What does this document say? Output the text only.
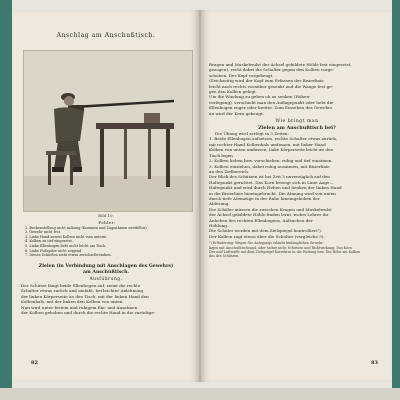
Anschlag am Anschußtisch.
Bild 10.
Fehler:
1. Beckenstellung nicht zulässig (Kommen und Zugnahmen zweifellos)
2. Gewehr nicht fest.
3. Linke Hand zuweit Kolben nicht vom unterm
4. Kolben zu tief eingesetzt.
5. Linke Ellenbogen liebt nicht leicht am Tisch.
6. Linke Fußspitze nicht zeigend.
7. Dieses Schießen zieht etwas zerschießwendum.
Zielen (in Verbindung mit Anschlagen des Gewehrs)
am Anschußtisch.
Ausführung.
Der Schütze fängt beide Ellenbogen auf, ziemt die rechte
Schulter etwas zurück und umfaßt, bei leichter Anlehnung
der linken Körperseite an den Tisch, mit der linken Hand den
Kolbenhals, mit der linken den Kolben von unten.
Nun wird unter festem und ruhigem Ein- und Ausatmen
der Kolben gehoben und durch die rechte Hand in die zurückge-
82
Rragen und Muskelwulst der Achsel gebildete Höhle fest eingesetzt,
gezogen), recht dabei die Schulter gegen den Kolben vorge-
schoben. Der Kopf vorgebeugt.
Gleichzeitig wird der Kopf zum Erfassen der Bisierlinie
leicht nach rechts vornüber gesenkt und die Wange fest ge-
gen den Kolben gelegt.
Um die Windung zu geben ob zu senken (Höhen-
verlegung), verschiebt man den Auflagepunkt oder hebt die
Ellenbogen enger oder breiter. Zum Einsehen des Gewehrs
an wird der Kern gebeugt.
Wie bringt man
Zielen am Anschußtisch bei?
Die Übung wird zerlegt in 3 Zeiten:
1. Beide Ellenbogen aufsetzen, rechte Schulter etwas zurück,
mit rechter Hand Kolbenhals umfassen, mit linker Hand
Kolben von unten umfassen, linke Körperseite leicht an den
Tisch legen.
2. Kolben heben bzw. vorschieben, ruhig und tief einatmen.
3. Kolben einziehen, dabei ruhig ausatmen, mit Bisierlinie
an den Zielbereich.
Der Blick des Schützen ist bei Zeit 3 unverzüglich auf den
Haltepunkt gerichtet. Das Korn bewegt sich in Linie Auge—
Haltepunkt und wird durch Heben und Senken der linken Hand
in die Bisierlinie hineingebracht. Die Atmung wird von unten
durch tiefe Atemzüge in der Ruhe hineingehoben der
Ablösung.
Die Schüler müssen die zwischen Kragen und Muskelwulst
der Achsel gebildete Höhle finden lernt, wobei Lehrer ihr
Anheben des rechten Ellenbogens, Aufsuchen der
Höhlung.
Die Schüler werden mit dem Zielspiegel kontrolliert¹).
Der Kolben ragt etwas über die Schulter (vergleiche 5).
¹) Erläuterung: Wegen der Anlegungs erlaubt hinlänglichen Gewehr-
lagen mit Anschußtischrand, oder sicher nicht Schützen und Richtwirkung. Das Korn
Des und Luftwaffe mit dem Zielspiegel Korrektur in die Haltung bzw. Die Höhe am Kolben
das des Schützen.
83
